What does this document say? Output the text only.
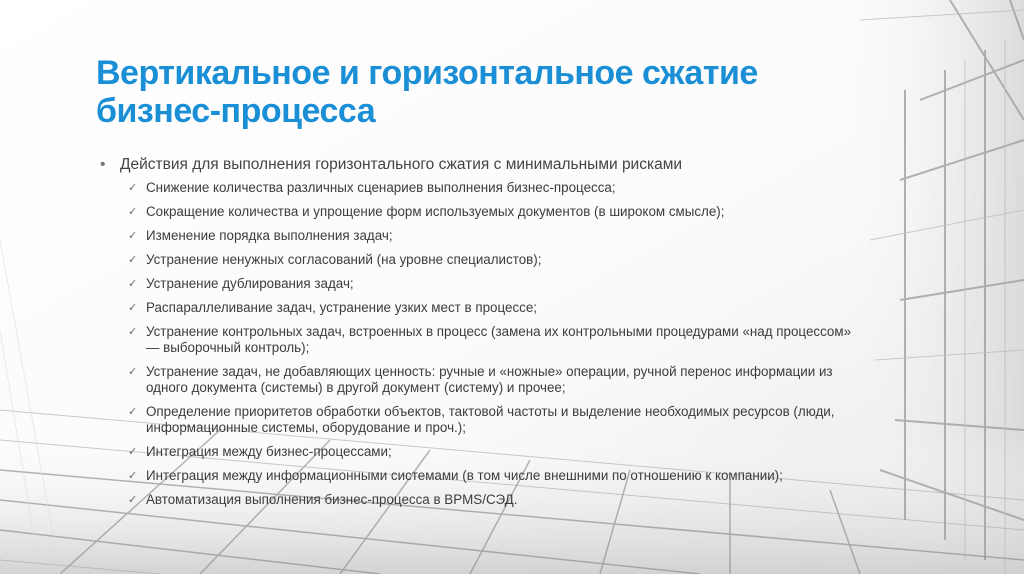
Вертикальное и горизонтальное сжатие
бизнес-процесса
• Действия для выполнения горизонтального сжатия с минимальными рисками
✓ Снижение количества различных сценариев выполнения бизнес-процесса;
✓ Сокращение количества и упрощение форм используемых документов (в широком смысле);
✓ Изменение порядка выполнения задач;
✓ Устранение ненужных согласований (на уровне специалистов);
✓ Устранение дублирования задач;
✓ Распараллеливание задач, устранение узких мест в процессе;
✓ Устранение контрольных задач, встроенных в процесс (замена их контрольными процедурами «над процессом» — выборочный контроль);
✓ Устранение задач, не добавляющих ценность: ручные и «ножные» операции, ручной перенос информации из одного документа (системы) в другой документ (систему) и прочее;
✓ Определение приоритетов обработки объектов, тактовой частоты и выделение необходимых ресурсов (люди, информационные системы, оборудование и проч.);
✓ Интеграция между бизнес-процессами;
✓ Интеграция между информационными системами (в том числе внешними по отношению к компании);
✓ Автоматизация выполнения бизнес-процесса в BPMS/СЭД.
